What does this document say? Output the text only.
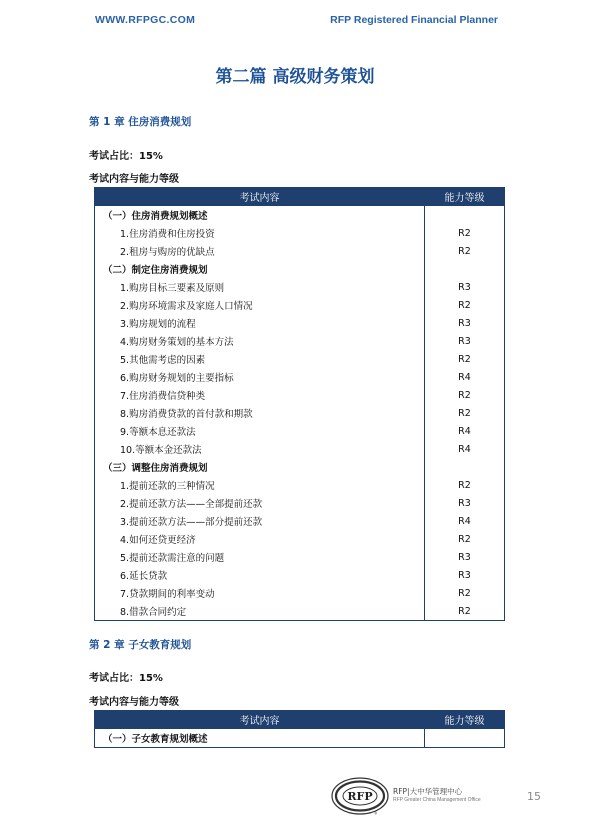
WWW.RFPGC.COM	RFP Registered Financial Planner
第二篇 高级财务策划
第 1 章 住房消费规划
考试占比：15%
考试内容与能力等级
考试内容	能力等级
（一）住房消费规划概述	
1.住房消费和住房投资	R2
2.租房与购房的优缺点	R2
（二）制定住房消费规划	
1.购房目标三要素及原则	R3
2.购房环境需求及家庭人口情况	R2
3.购房规划的流程	R3
4.购房财务策划的基本方法	R3
5.其他需考虑的因素	R2
6.购房财务规划的主要指标	R4
7.住房消费信贷种类	R2
8.购房消费贷款的首付款和期款	R2
9.等额本息还款法	R4
10.等额本金还款法	R4
（三）调整住房消费规划	
1.提前还款的三种情况	R2
2.提前还款方法——全部提前还款	R3
3.提前还款方法——部分提前还款	R4
4.如何还贷更经济	R2
5.提前还款需注意的问题	R3
6.延长贷款	R3
7.贷款期间的利率变动	R2
8.借款合同约定	R2
第 2 章 子女教育规划
考试占比：15%
考试内容与能力等级
考试内容	能力等级
（一）子女教育规划概述	
RFP
®
RFP|大中华管理中心
RFP Greater China Management Office	15
